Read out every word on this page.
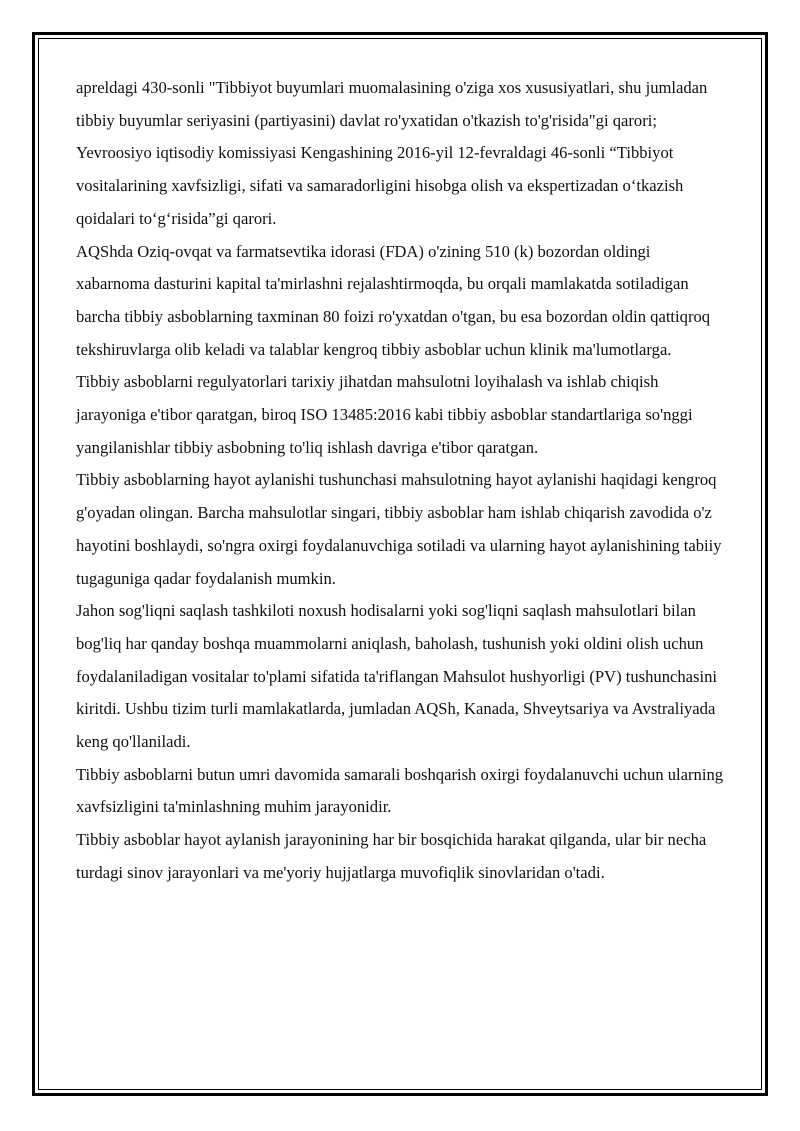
apreldagi 430-sonli "Tibbiyot buyumlari muomalasining o'ziga xos xususiyatlari, shu jumladan tibbiy buyumlar seriyasini (partiyasini) davlat ro'yxatidan o'tkazish to'g'risida"gi qarori; Yevroosiyo iqtisodiy komissiyasi Kengashining 2016-yil 12-fevraldagi 46-sonli “Tibbiyot vositalarining xavfsizligi, sifati va samaradorligini hisobga olish va ekspertizadan o‘tkazish qoidalari to‘g‘risida”gi qarori.

AQShda Oziq-ovqat va farmatsevtika idorasi (FDA) o'zining 510 (k) bozordan oldingi xabarnoma dasturini kapital ta'mirlashni rejalashtirmoqda, bu orqali mamlakatda sotiladigan barcha tibbiy asboblarning taxminan 80 foizi ro'yxatdan o'tgan, bu esa bozordan oldin qattiqroq tekshiruvlarga olib keladi va talablar kengroq tibbiy asboblar uchun klinik ma'lumotlarga.

Tibbiy asboblarni regulyatorlari tarixiy jihatdan mahsulotni loyihalash va ishlab chiqish jarayoniga e'tibor qaratgan, biroq ISO 13485:2016 kabi tibbiy asboblar standartlariga so'nggi yangilanishlar tibbiy asbobning to'liq ishlash davriga e'tibor qaratgan.

Tibbiy asboblarning hayot aylanishi tushunchasi mahsulotning hayot aylanishi haqidagi kengroq g'oyadan olingan. Barcha mahsulotlar singari, tibbiy asboblar ham ishlab chiqarish zavodida o'z hayotini boshlaydi, so'ngra oxirgi foydalanuvchiga sotiladi va ularning hayot aylanishining tabiiy tugaguniga qadar foydalanish mumkin.

Jahon sog'liqni saqlash tashkiloti noxush hodisalarni yoki sog'liqni saqlash mahsulotlari bilan bog'liq har qanday boshqa muammolarni aniqlash, baholash, tushunish yoki oldini olish uchun foydalaniladigan vositalar to'plami sifatida ta'riflangan Mahsulot hushyorligi (PV) tushunchasini kiritdi. Ushbu tizim turli mamlakatlarda, jumladan AQSh, Kanada, Shveytsariya va Avstraliyada keng qo'llaniladi.

Tibbiy asboblarni butun umri davomida samarali boshqarish oxirgi foydalanuvchi uchun ularning xavfsizligini ta'minlashning muhim jarayonidir.

Tibbiy asboblar hayot aylanish jarayonining har bir bosqichida harakat qilganda, ular bir necha turdagi sinov jarayonlari va me'yoriy hujjatlarga muvofiqlik sinovlaridan o'tadi.
